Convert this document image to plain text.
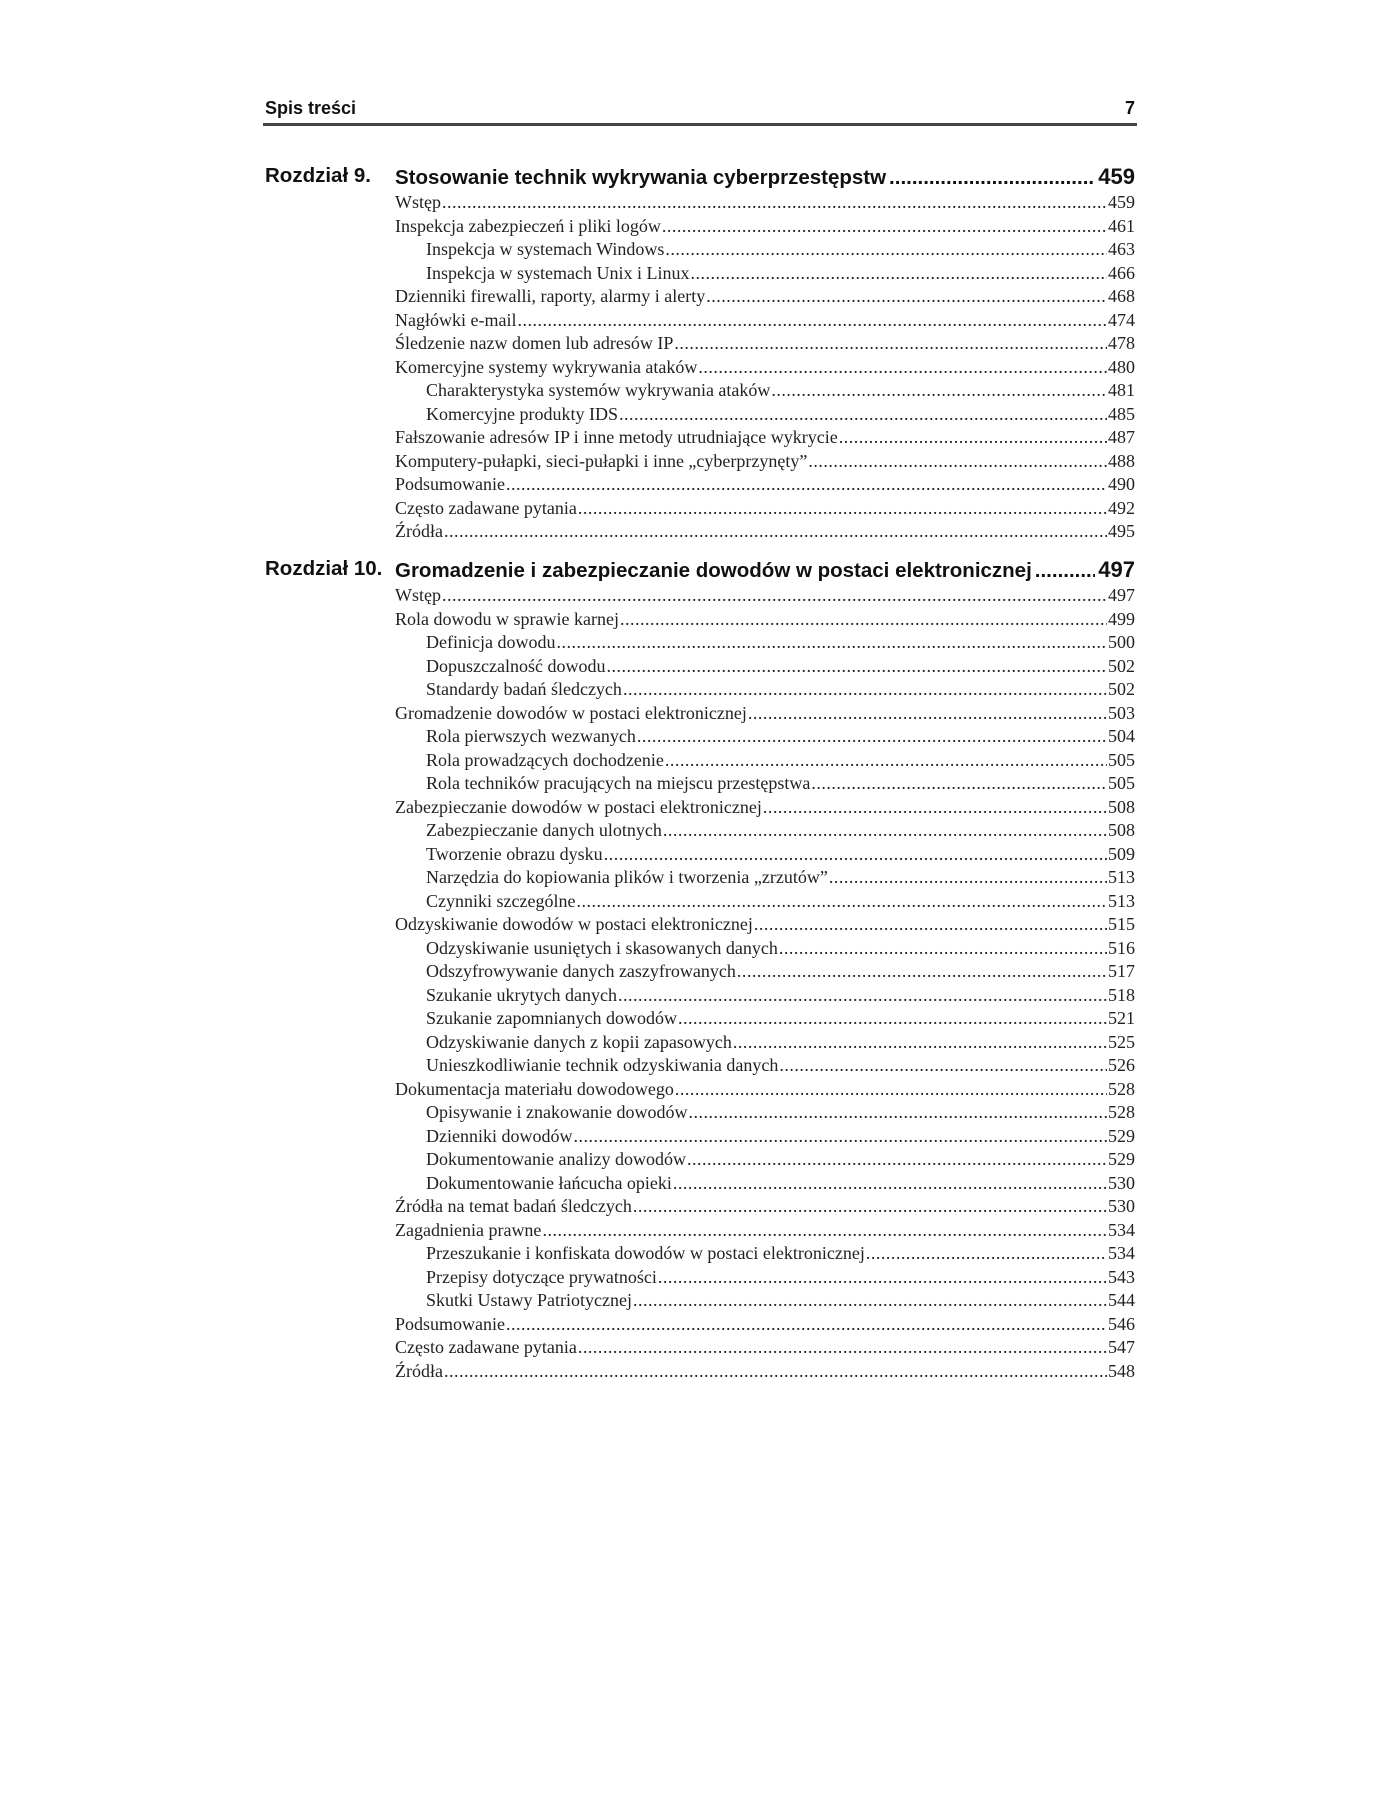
Spis treści	7
Rozdział 9. Stosowanie technik wykrywania cyberprzestępstw .....	459
Wstęp .....	459
Inspekcja zabezpieczeń i pliki logów .....	461
Inspekcja w systemach Windows .....	463
Inspekcja w systemach Unix i Linux .....	466
Dzienniki firewalli, raporty, alarmy i alerty .....	468
Nagłówki e-mail .....	474
Śledzenie nazw domen lub adresów IP .....	478
Komercyjne systemy wykrywania ataków .....	480
Charakterystyka systemów wykrywania ataków .....	481
Komercyjne produkty IDS .....	485
Fałszowanie adresów IP i inne metody utrudniające wykrycie .....	487
Komputery-pułapki, sieci-pułapki i inne „cyberprzynęty” .....	488
Podsumowanie .....	490
Często zadawane pytania .....	492
Źródła .....	495
Rozdział 10. Gromadzenie i zabezpieczanie dowodów w postaci elektronicznej .....	497
Wstęp .....	497
Rola dowodu w sprawie karnej .....	499
Definicja dowodu .....	500
Dopuszczalność dowodu .....	502
Standardy badań śledczych .....	502
Gromadzenie dowodów w postaci elektronicznej .....	503
Rola pierwszych wezwanych .....	504
Rola prowadzących dochodzenie .....	505
Rola techników pracujących na miejscu przestępstwa .....	505
Zabezpieczanie dowodów w postaci elektronicznej .....	508
Zabezpieczanie danych ulotnych .....	508
Tworzenie obrazu dysku .....	509
Narzędzia do kopiowania plików i tworzenia „zrzutów” .....	513
Czynniki szczególne .....	513
Odzyskiwanie dowodów w postaci elektronicznej .....	515
Odzyskiwanie usuniętych i skasowanych danych .....	516
Odszyfrowywanie danych zaszyfrowanych .....	517
Szukanie ukrytych danych .....	518
Szukanie zapomnianych dowodów .....	521
Odzyskiwanie danych z kopii zapasowych .....	525
Unieszkodliwianie technik odzyskiwania danych .....	526
Dokumentacja materiału dowodowego .....	528
Opisywanie i znakowanie dowodów .....	528
Dzienniki dowodów .....	529
Dokumentowanie analizy dowodów .....	529
Dokumentowanie łańcucha opieki .....	530
Źródła na temat badań śledczych .....	530
Zagadnienia prawne .....	534
Przeszukanie i konfiskata dowodów w postaci elektronicznej .....	534
Przepisy dotyczące prywatności .....	543
Skutki Ustawy Patriotycznej .....	544
Podsumowanie .....	546
Często zadawane pytania .....	547
Źródła .....	548
